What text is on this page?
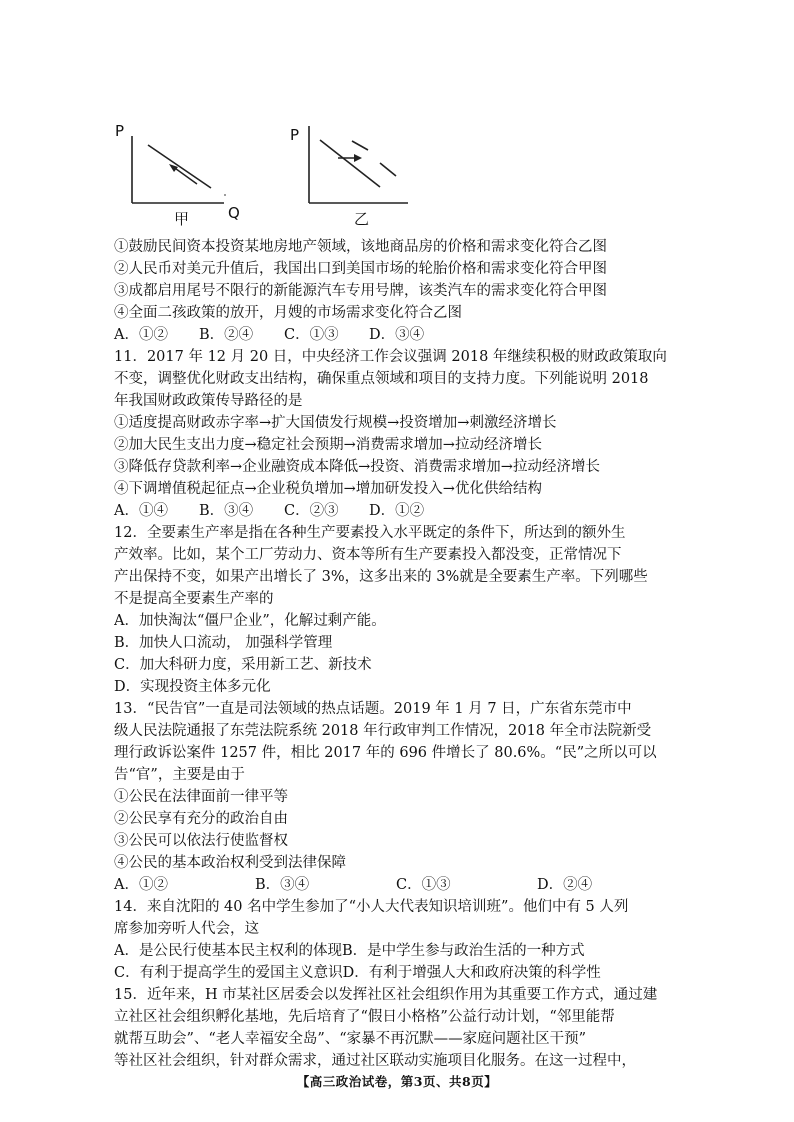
P
Q
甲
P
乙
①鼓励民间资本投资某地房地产领域，该地商品房的价格和需求变化符合乙图
②人民币对美元升值后，我国出口到美国市场的轮胎价格和需求变化符合甲图
③成都启用尾号不限行的新能源汽车专用号牌，该类汽车的需求变化符合甲图
④全面二孩政策的放开，月嫂的市场需求变化符合乙图
A．①②	B．②④	C．①③	D．③④
11．2017 年 12 月 20 日，中央经济工作会议强调 2018 年继续积极的财政政策取向
不变，调整优化财政支出结构，确保重点领域和项目的支持力度。下列能说明 2018
年我国财政政策传导路径的是
①适度提高财政赤字率→扩大国债发行规模→投资增加→刺激经济增长
②加大民生支出力度→稳定社会预期→消费需求增加→拉动经济增长
③降低存贷款利率→企业融资成本降低→投资、消费需求增加→拉动经济增长
④下调增值税起征点→企业税负增加→增加研发投入→优化供给结构
A．①④	B．③④	C．②③	D．①②
12．全要素生产率是指在各种生产要素投入水平既定的条件下，所达到的额外生
产效率。比如，某个工厂劳动力、资本等所有生产要素投入都没变，正常情况下
产出保持不变，如果产出增长了 3%，这多出来的 3%就是全要素生产率。下列哪些
不是提高全要素生产率的
A．加快淘汰“僵尸企业”，化解过剩产能。
B．加快人口流动， 加强科学管理
C．加大科研力度，采用新工艺、新技术
D．实现投资主体多元化
13．“民告官”一直是司法领域的热点话题。2019 年 1 月 7 日，广东省东莞市中
级人民法院通报了东莞法院系统 2018 年行政审判工作情况，2018 年全市法院新受
理行政诉讼案件 1257 件，相比 2017 年的 696 件增长了 80.6%。“民”之所以可以
告“官”，主要是由于
①公民在法律面前一律平等
②公民享有充分的政治自由
③公民可以依法行使监督权
④公民的基本政治权利受到法律保障
A．①②	B．③④	C．①③	D．②④
14．来自沈阳的 40 名中学生参加了“小人大代表知识培训班”。他们中有 5 人列
席参加旁听人代会，这
A．是公民行使基本民主权利的体现B．是中学生参与政治生活的一种方式
C．有利于提高学生的爱国主义意识D．有利于增强人大和政府决策的科学性
15．近年来，H 市某社区居委会以发挥社区社会组织作用为其重要工作方式，通过建
立社区社会组织孵化基地，先后培育了“假日小格格”公益行动计划，“邻里能帮
就帮互助会”、“老人幸福安全岛”、“家暴不再沉默——家庭问题社区干预”
等社区社会组织，针对群众需求，通过社区联动实施项目化服务。在这一过程中，
【高三政治试卷，第3页、共8页】
